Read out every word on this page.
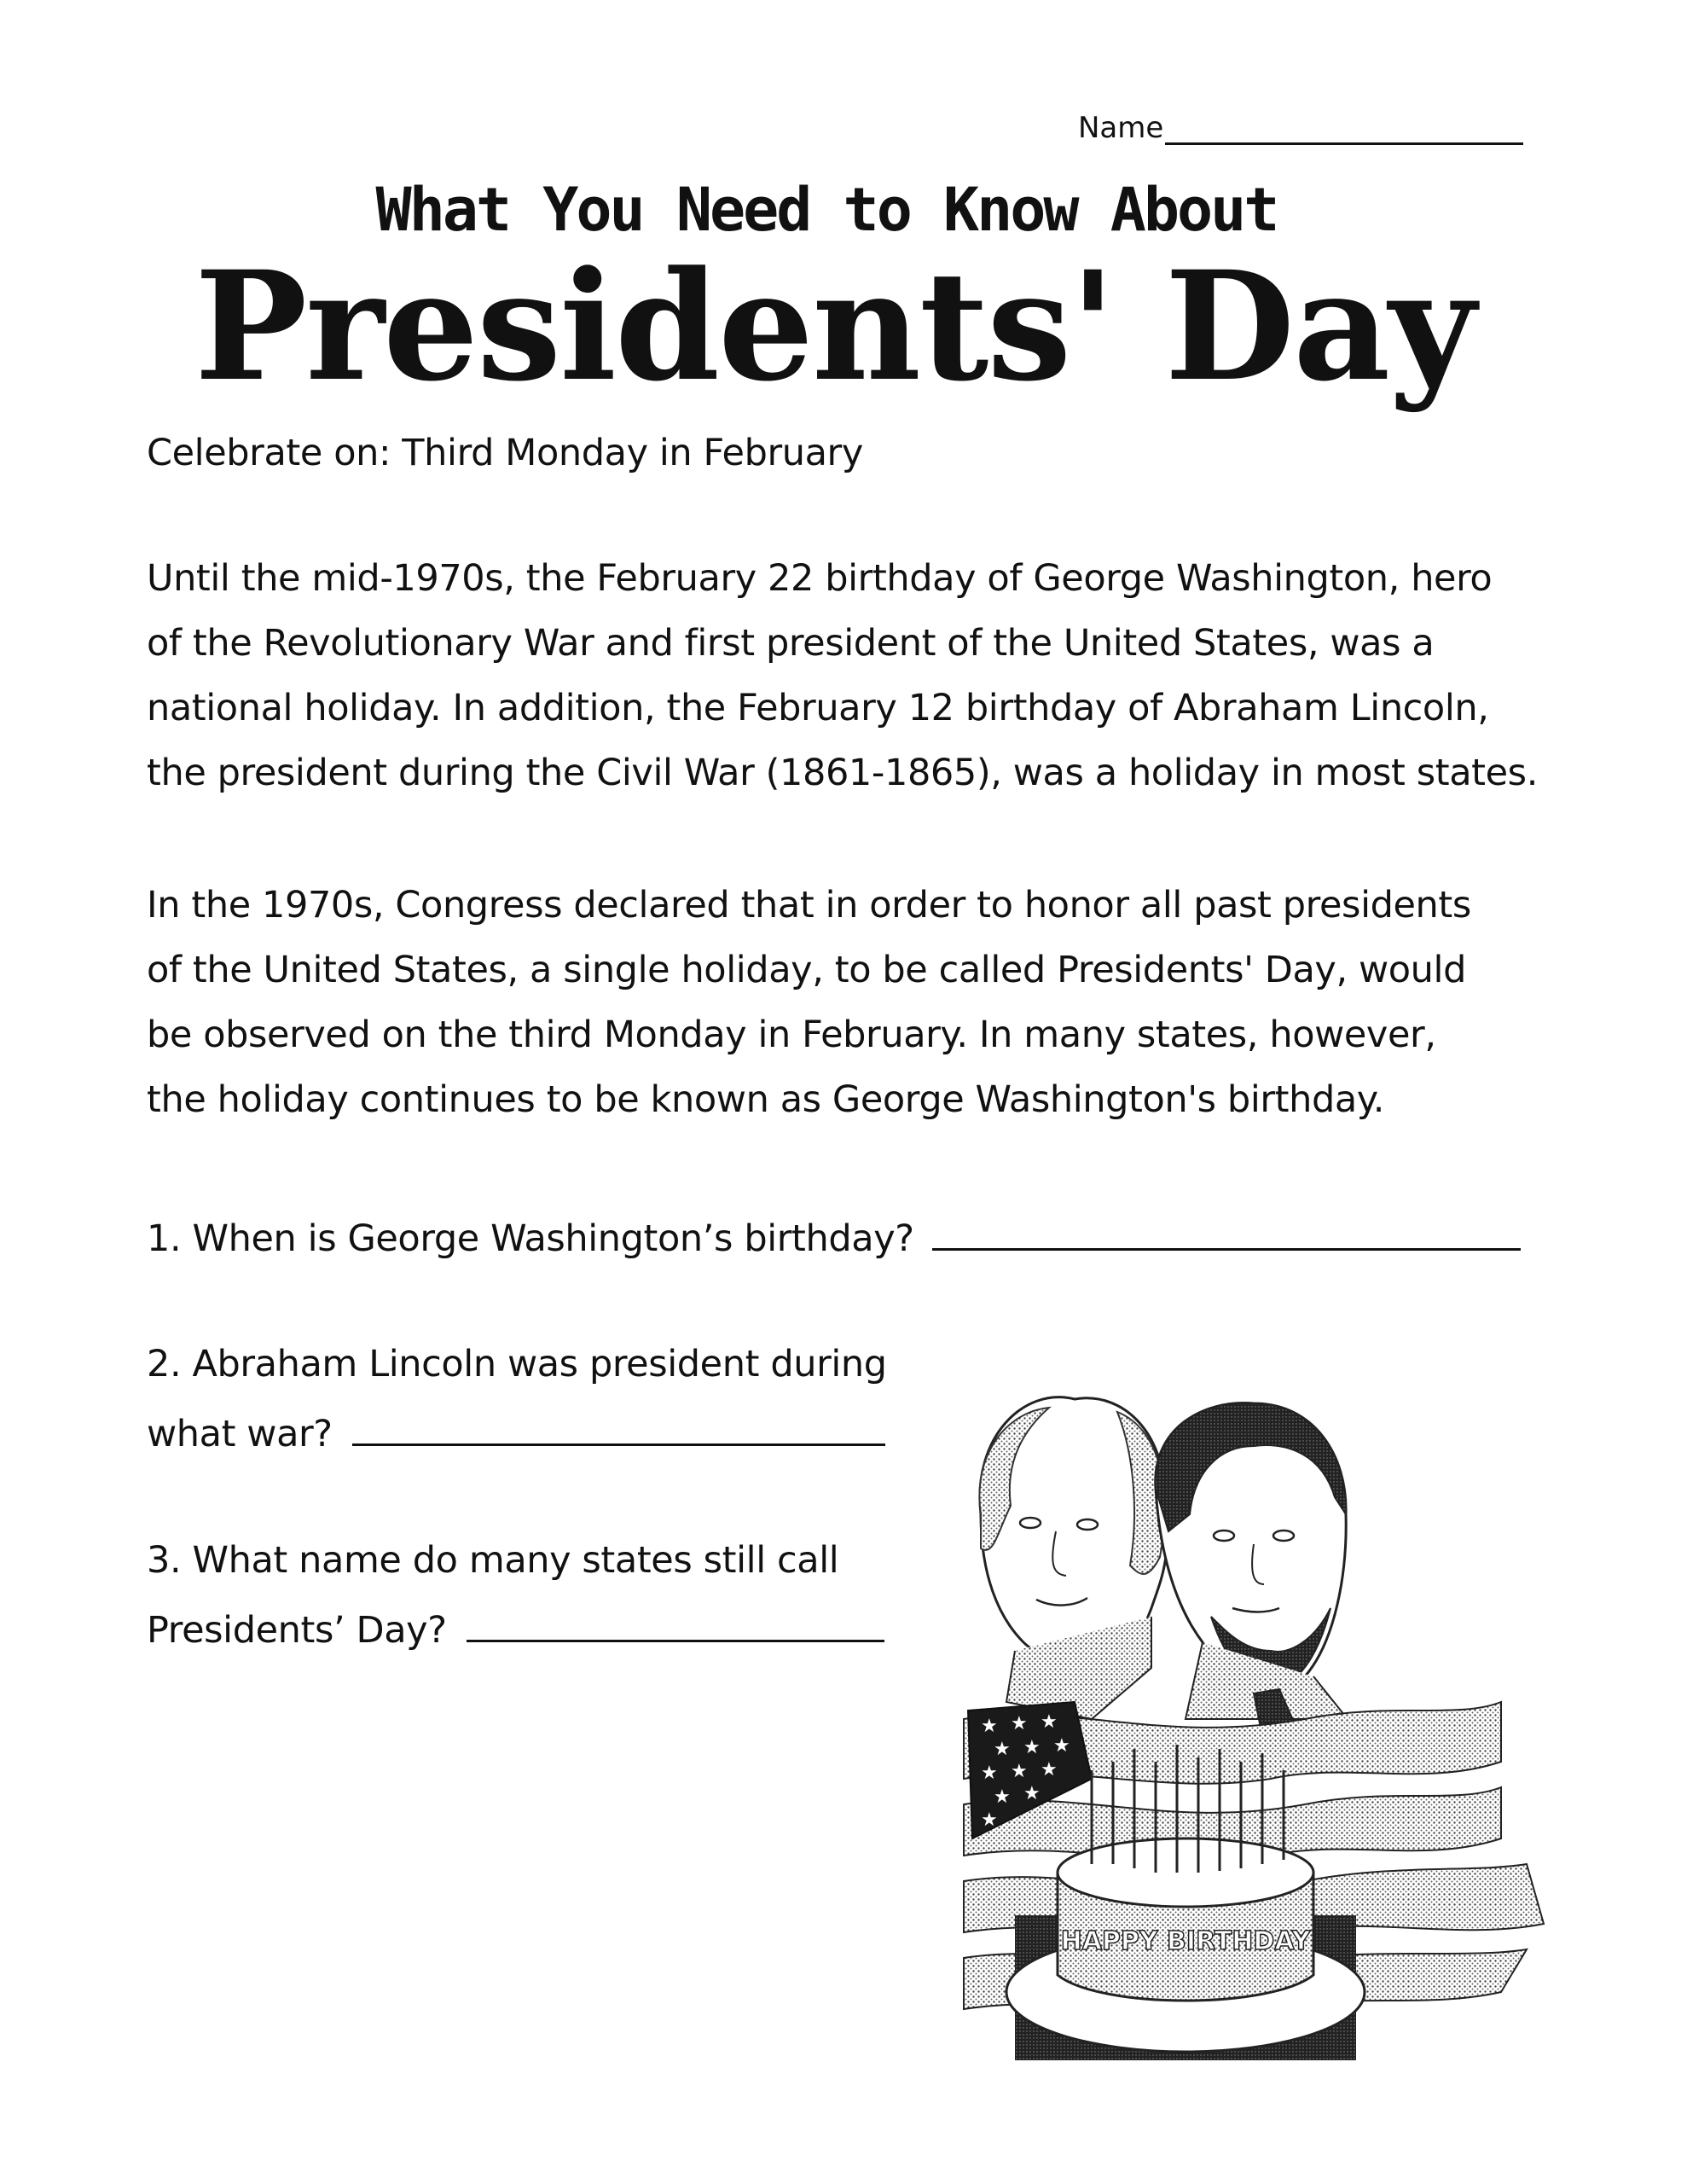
Name
What You Need to Know About
Presidents' Day
Celebrate on: Third Monday in February
Until the mid-1970s, the February 22 birthday of George Washington, hero
of the Revolutionary War and first president of the United States, was a
national holiday. In addition, the February 12 birthday of Abraham Lincoln,
the president during the Civil War (1861-1865), was a holiday in most states.
In the 1970s, Congress declared that in order to honor all past presidents
of the United States, a single holiday, to be called Presidents' Day, would
be observed on the third Monday in February. In many states, however,
the holiday continues to be known as George Washington's birthday.
1. When is George Washington’s birthday?
2. Abraham Lincoln was president during
what war?
3. What name do many states still call
Presidents’ Day?
★ ★ ★
★ ★ ★
★ ★ ★
★ ★
★
HAPPY BIRTHDAY
